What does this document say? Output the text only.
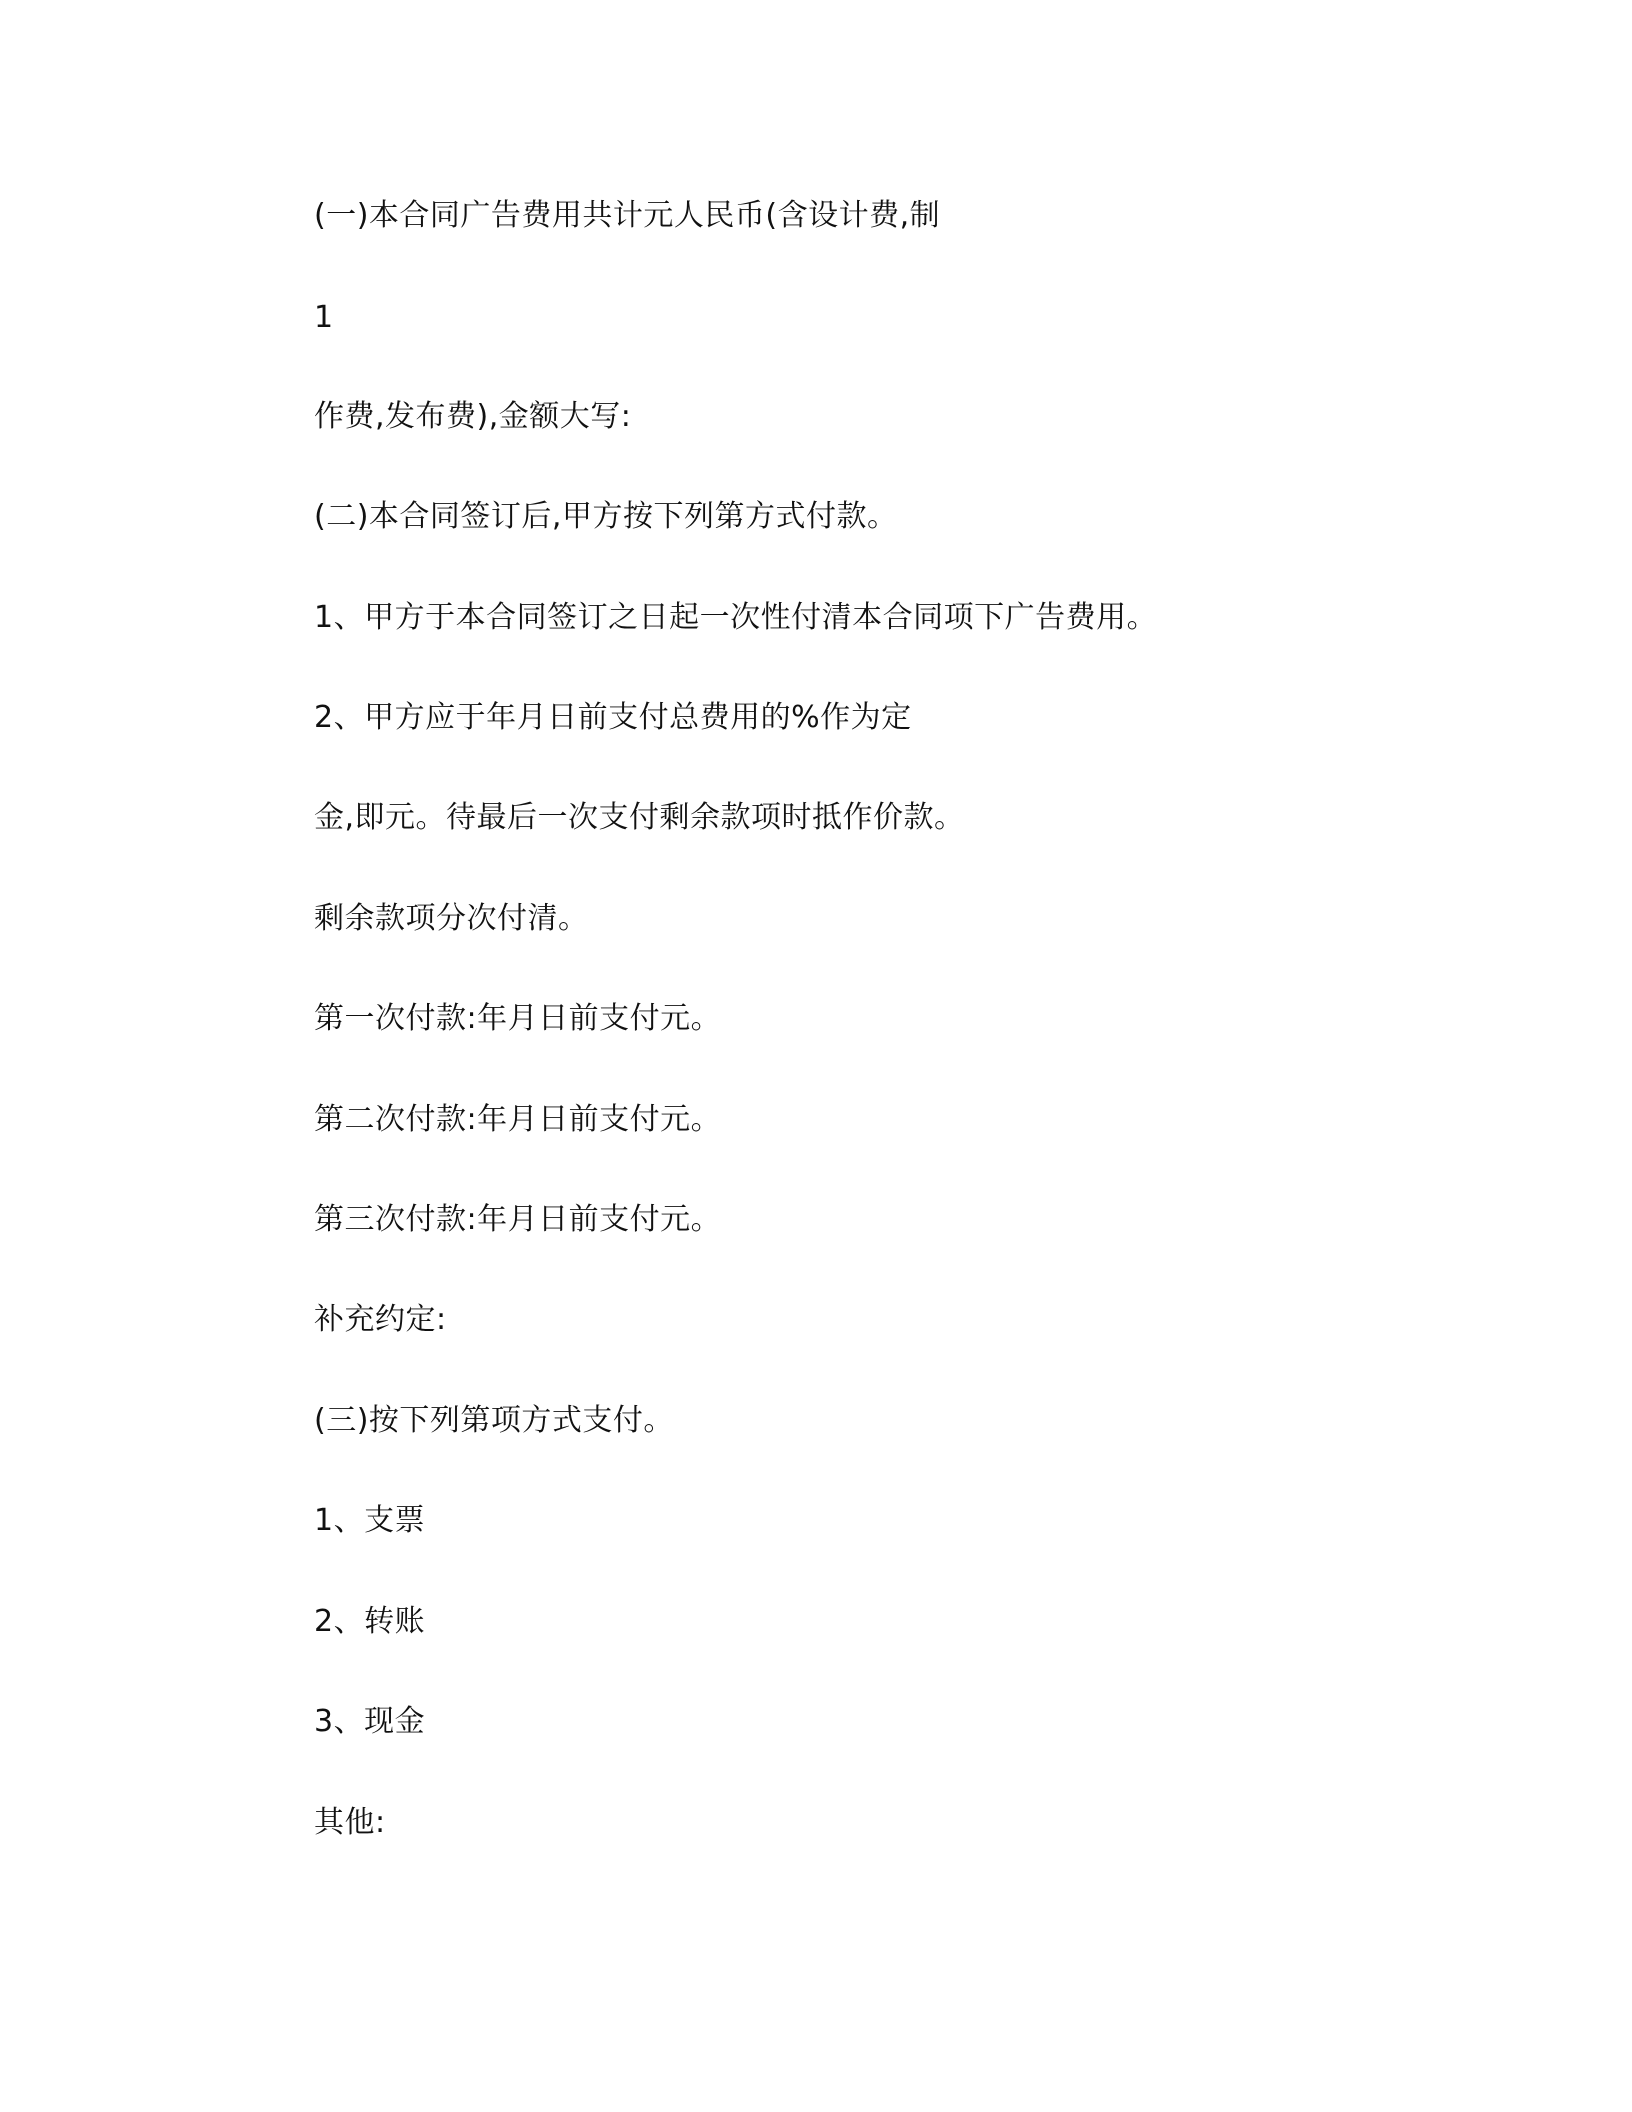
(一)本合同广告费用共计元人民币(含设计费,制
1
作费,发布费),金额大写:
(二)本合同签订后,甲方按下列第方式付款。
1、甲方于本合同签订之日起一次性付清本合同项下广告费用。
2、甲方应于年月日前支付总费用的%作为定
金,即元。待最后一次支付剩余款项时抵作价款。
剩余款项分次付清。
第一次付款:年月日前支付元。
第二次付款:年月日前支付元。
第三次付款:年月日前支付元。
补充约定:
(三)按下列第项方式支付。
1、支票
2、转账
3、现金
其他:
